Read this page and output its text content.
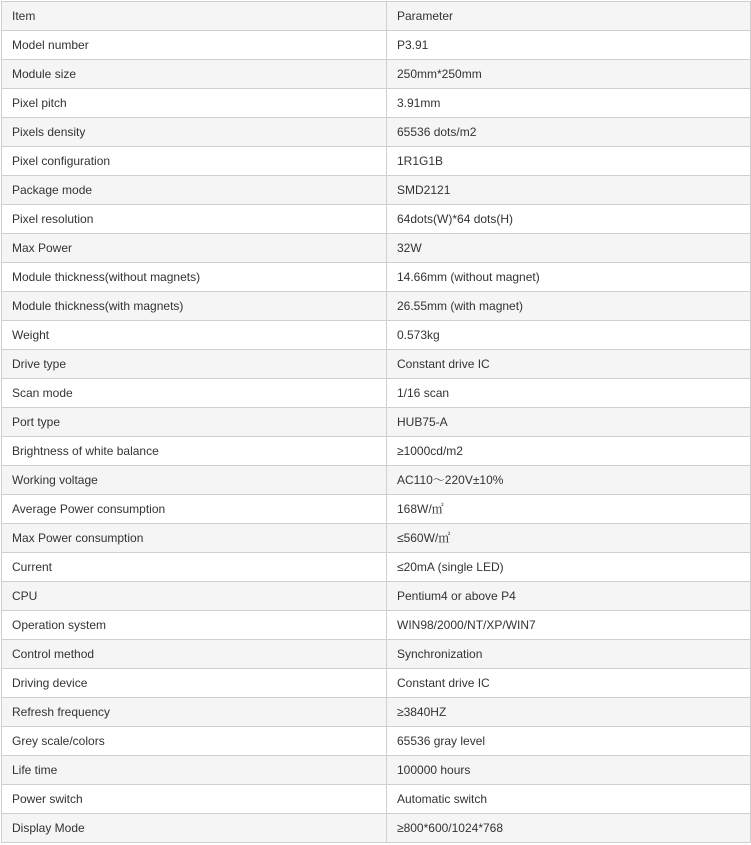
Item	Parameter
Model number	P3.91
Module size	250mm*250mm
Pixel pitch	3.91mm
Pixels density	65536 dots/m2
Pixel configuration	1R1G1B
Package mode	SMD2121
Pixel resolution	64dots(W)*64 dots(H)
Max Power	32W
Module thickness(without magnets)	14.66mm (without magnet)
Module thickness(with magnets)	26.55mm (with magnet)
Weight	0.573kg
Drive type	Constant drive IC
Scan mode	1/16 scan
Port type	HUB75-A
Brightness of white balance	≥1000cd/m2
Working voltage	AC110～220V±10%
Average Power consumption	168W/㎡
Max Power consumption	≤560W/㎡
Current	≤20mA (single LED)
CPU	Pentium4 or above P4
Operation system	WIN98/2000/NT/XP/WIN7
Control method	Synchronization
Driving device	Constant drive IC
Refresh frequency	≥3840HZ
Grey scale/colors	65536 gray level
Life time	100000 hours
Power switch	Automatic switch
Display Mode	≥800*600/1024*768
